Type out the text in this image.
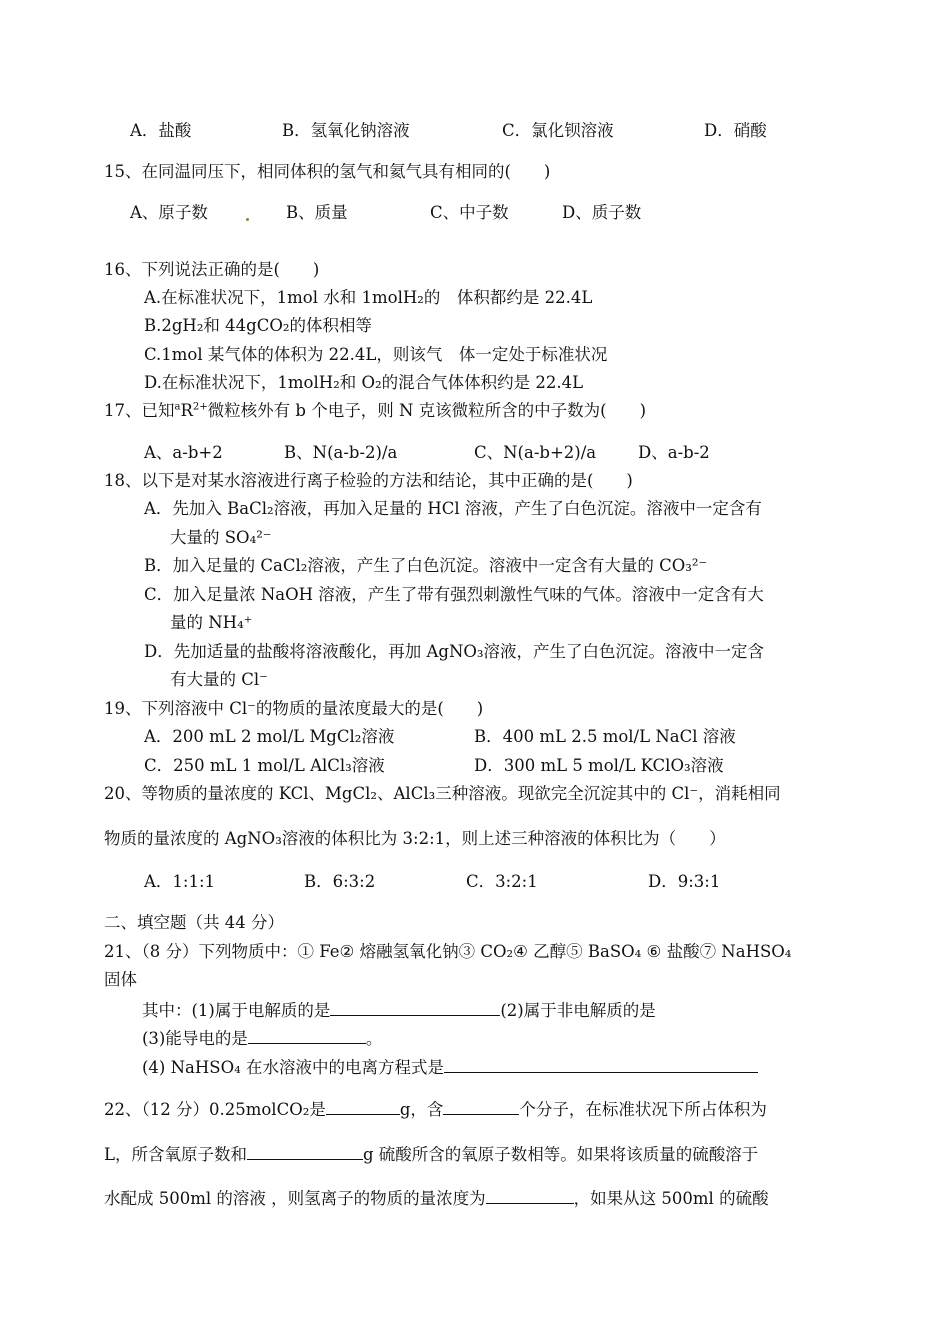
A．盐酸	B．氢氧化钠溶液	C．氯化钡溶液	D．硝酸
15、在同温同压下，相同体积的氢气和氦气具有相同的(　　)
A、原子数	B、质量	C、中子数	D、质子数
16、下列说法正确的是(　　)
A.在标准状况下，1mol 水和 1molH₂的　体积都约是 22.4L
B.2gH₂和 44gCO₂的体积相等
C.1mol 某气体的体积为 22.4L，则该气　体一定处于标准状况
D.在标准状况下，1molH₂和 O₂的混合气体体积约是 22.4L
17、已知$^aR^{2+}$微粒核外有 b 个电子，则 N 克该微粒所含的中子数为(　　)
A、a-b+2	B、N(a-b-2)/a	C、N(a-b+2)/a	D、a-b-2
18、以下是对某水溶液进行离子检验的方法和结论，其中正确的是(　　)
A．先加入 BaCl₂溶液，再加入足量的 HCl 溶液，产生了白色沉淀。溶液中一定含有
大量的 SO₄²⁻
B．加入足量的 CaCl₂溶液，产生了白色沉淀。溶液中一定含有大量的 CO₃²⁻
C．加入足量浓 NaOH 溶液，产生了带有强烈刺激性气味的气体。溶液中一定含有大
量的 NH₄⁺
D．先加适量的盐酸将溶液酸化，再加 AgNO₃溶液，产生了白色沉淀。溶液中一定含
有大量的 Cl⁻
19、下列溶液中 Cl⁻的物质的量浓度最大的是(　　)
A．200 mL 2 mol/L MgCl₂溶液	B．400 mL 2.5 mol/L NaCl 溶液
C．250 mL 1 mol/L AlCl₃溶液	D．300 mL 5 mol/L KClO₃溶液
20、等物质的量浓度的 KCl、MgCl₂、AlCl₃三种溶液。现欲完全沉淀其中的 Cl⁻，消耗相同
物质的量浓度的 AgNO₃溶液的体积比为 3:2:1，则上述三种溶液的体积比为（　　）
A．1:1:1	B．6:3:2	C．3:2:1	D．9:3:1
二、填空题（共 44 分）
21、（8 分）下列物质中：① Fe② 熔融氢氧化钠③ CO₂④ 乙醇⑤ BaSO₄ ⑥ 盐酸⑦ NaHSO₄
固体
其中：(1)属于电解质的是	(2)属于非电解质的是
(3)能导电的是	。
(4) NaHSO₄ 在水溶液中的电离方程式是
22、（12 分）0.25molCO₂是	g，含	个分子，在标准状况下所占体积为
L，所含氧原子数和	g 硫酸所含的氧原子数相等。如果将该质量的硫酸溶于
水配成 500ml 的溶液 ，则氢离子的物质的量浓度为	，如果从这 500ml 的硫酸
